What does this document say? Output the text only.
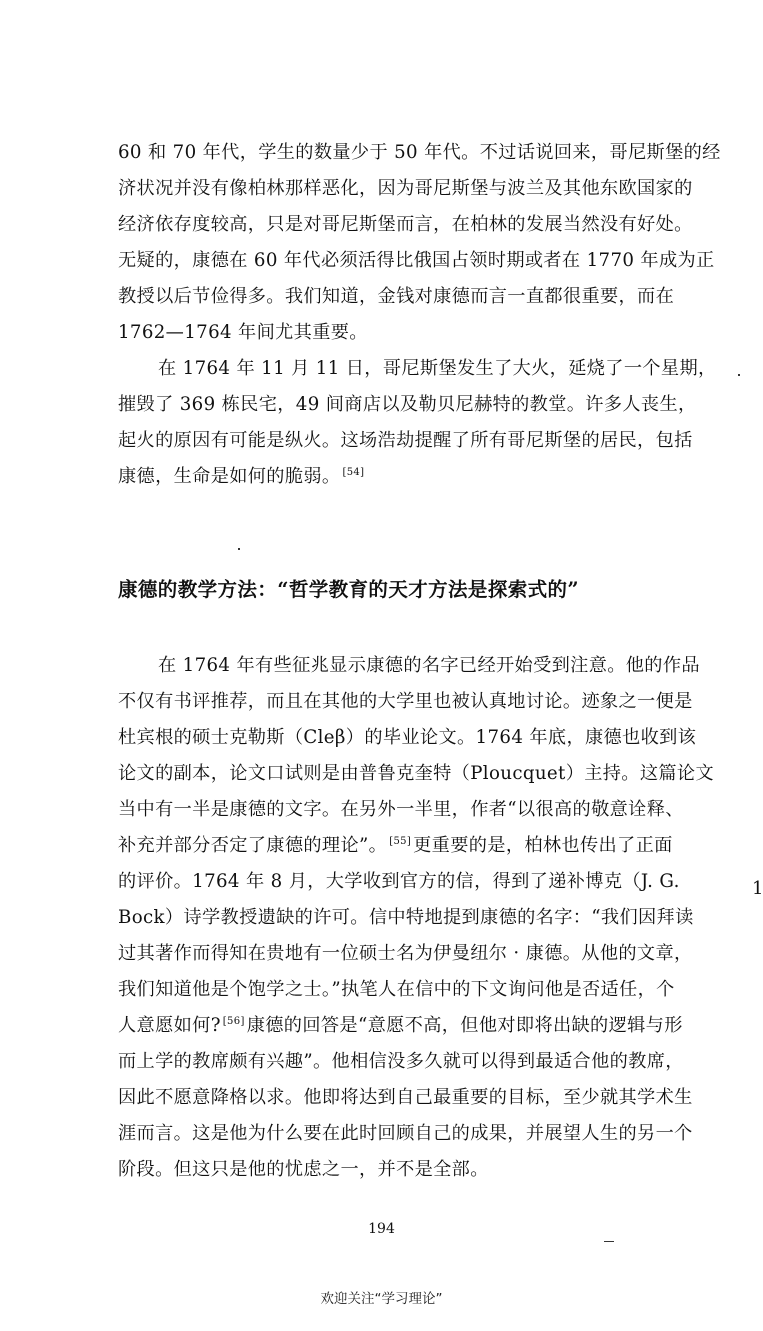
60 和 70 年代，学生的数量少于 50 年代。不过话说回来，哥尼斯堡的经
济状况并没有像柏林那样恶化，因为哥尼斯堡与波兰及其他东欧国家的
经济依存度较高，只是对哥尼斯堡而言，在柏林的发展当然没有好处。
无疑的，康德在 60 年代必须活得比俄国占领时期或者在 1770 年成为正
教授以后节俭得多。我们知道，金钱对康德而言一直都很重要，而在
1762—1764 年间尤其重要。
在 1764 年 11 月 11 日，哥尼斯堡发生了大火，延烧了一个星期，
摧毁了 369 栋民宅，49 间商店以及勒贝尼赫特的教堂。许多人丧生，
起火的原因有可能是纵火。这场浩劫提醒了所有哥尼斯堡的居民，包括
康德，生命是如何的脆弱。 [54]
康德的教学方法：“哲学教育的天才方法是探索式的”
在 1764 年有些征兆显示康德的名字已经开始受到注意。他的作品
不仅有书评推荐，而且在其他的大学里也被认真地讨论。迹象之一便是
杜宾根的硕士克勒斯（Cleβ）的毕业论文。1764 年底，康德也收到该
论文的副本，论文口试则是由普鲁克奎特（Ploucquet）主持。这篇论文
当中有一半是康德的文字。在另外一半里，作者“以很高的敬意诠释、
补充并部分否定了康德的理论”。 [55] 更重要的是，柏林也传出了正面
的评价。1764 年 8 月，大学收到官方的信，得到了递补博克（J. G.
Bock）诗学教授遗缺的许可。信中特地提到康德的名字：“我们因拜读
过其著作而得知在贵地有一位硕士名为伊曼纽尔 · 康德。从他的文章，
我们知道他是个饱学之士。”执笔人在信中的下文询问他是否适任，个
人意愿如何? [56] 康德的回答是“意愿不高，但他对即将出缺的逻辑与形
而上学的教席颇有兴趣”。他相信没多久就可以得到最适合他的教席，
因此不愿意降格以求。他即将达到自己最重要的目标，至少就其学术生
涯而言。这是他为什么要在此时回顾自己的成果，并展望人生的另一个
阶段。但这只是他的忧虑之一，并不是全部。
1
194
欢迎关注“学习理论”
